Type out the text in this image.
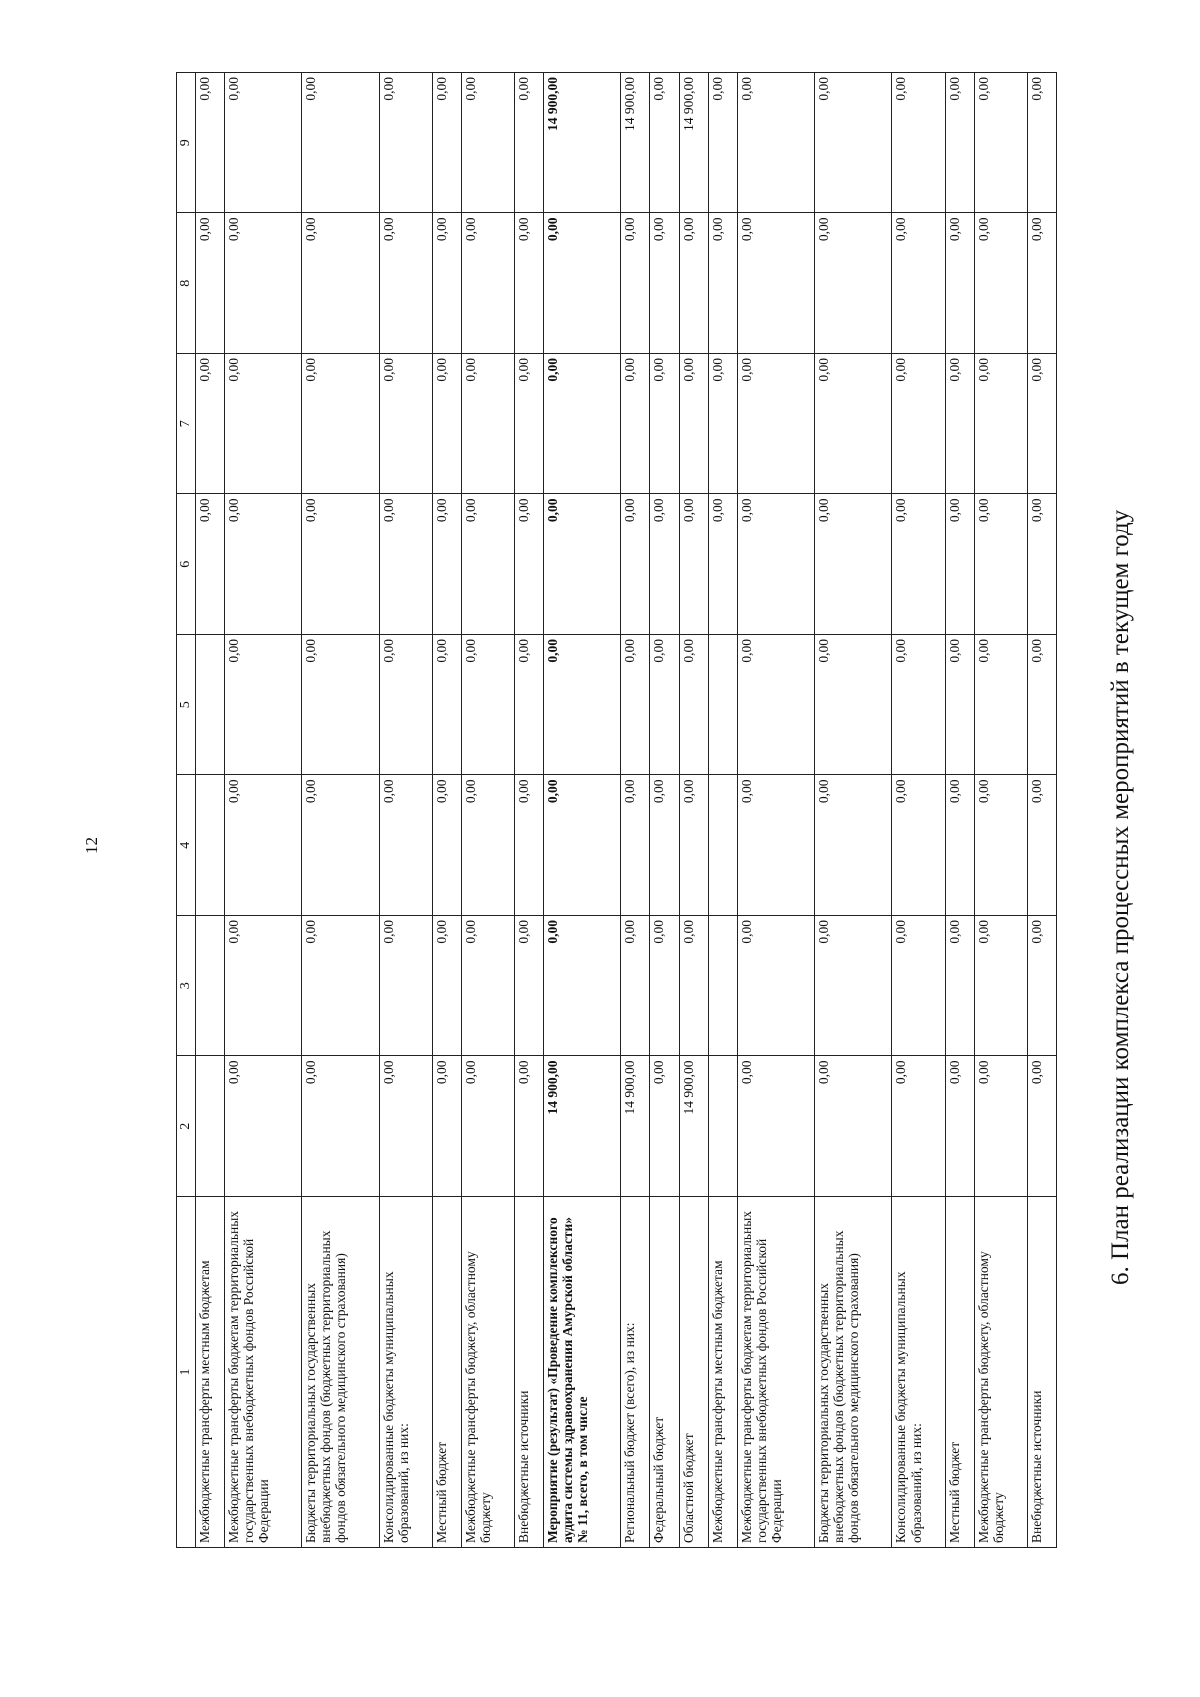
12
1	2	3	4	5	6	7	8	9
Межбюджетные трансферты местным бюджетам					0,00	0,00	0,00	0,00
Межбюджетные трансферты бюджетам территориальных государственных внебюджетных фондов Российской Федерации	0,00	0,00	0,00	0,00	0,00	0,00	0,00	0,00
Бюджеты территориальных государственных внебюджетных фондов (бюджетных территориальных фондов обязательного медицинского страхования)	0,00	0,00	0,00	0,00	0,00	0,00	0,00	0,00
Консолидированные бюджеты муниципальных образований, из них:	0,00	0,00	0,00	0,00	0,00	0,00	0,00	0,00
Местный бюджет	0,00	0,00	0,00	0,00	0,00	0,00	0,00	0,00
Межбюджетные трансферты бюджету, областному бюджету	0,00	0,00	0,00	0,00	0,00	0,00	0,00	0,00
Внебюджетные источники	0,00	0,00	0,00	0,00	0,00	0,00	0,00	0,00
Мероприятие (результат) «Проведение комплексного аудита системы здравоохранения Амурской области» № 11, всего, в том числе	14 900,00	0,00	0,00	0,00	0,00	0,00	0,00	14 900,00
Региональный бюджет (всего), из них:	14 900,00	0,00	0,00	0,00	0,00	0,00	0,00	14 900,00
Федеральный бюджет	0,00	0,00	0,00	0,00	0,00	0,00	0,00	0,00
Областной бюджет	14 900,00	0,00	0,00	0,00	0,00	0,00	0,00	14 900,00
Межбюджетные трансферты местным бюджетам					0,00	0,00	0,00	0,00
Межбюджетные трансферты бюджетам территориальных государственных внебюджетных фондов Российской Федерации	0,00	0,00	0,00	0,00	0,00	0,00	0,00	0,00
Бюджеты территориальных государственных внебюджетных фондов (бюджетных территориальных фондов обязательного медицинского страхования)	0,00	0,00	0,00	0,00	0,00	0,00	0,00	0,00
Консолидированные бюджеты муниципальных образований, из них:	0,00	0,00	0,00	0,00	0,00	0,00	0,00	0,00
Местный бюджет	0,00	0,00	0,00	0,00	0,00	0,00	0,00	0,00
Межбюджетные трансферты бюджету, областному бюджету	0,00	0,00	0,00	0,00	0,00	0,00	0,00	0,00
Внебюджетные источники	0,00	0,00	0,00	0,00	0,00	0,00	0,00	0,00
6. План реализации комплекса процессных мероприятий в текущем году
